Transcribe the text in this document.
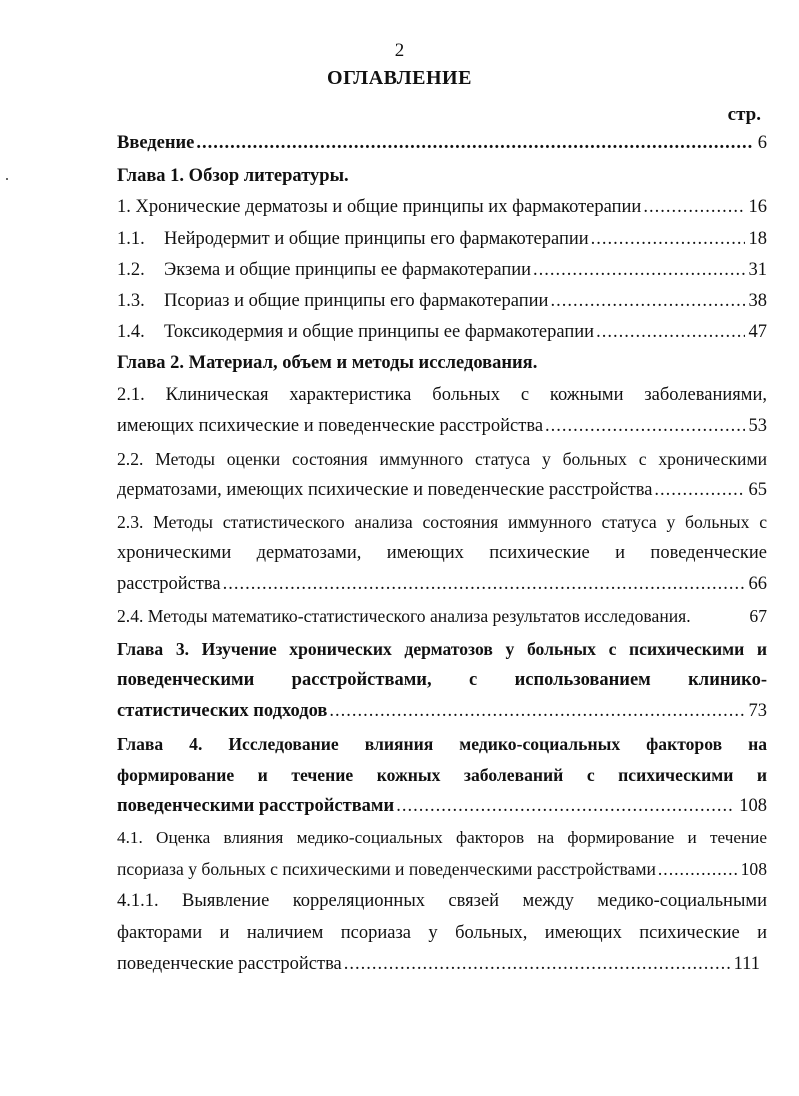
2
ОГЛАВЛЕНИЕ
стр.
Введение .....	6
Глава 1. Обзор литературы.
1. Хронические дерматозы и общие принципы их фармакотерапии .....	16
1.1. Нейродермит и общие принципы его фармакотерапии .....	18
1.2. Экзема и общие принципы ее фармакотерапии .....	31
1.3. Псориаз и общие принципы его фармакотерапии .....	38
1.4. Токсикодермия и общие принципы ее фармакотерапии .....	47
Глава 2. Материал, объем и методы исследования.
2.1. Клиническая характеристика больных с кожными заболеваниями,
имеющих психические и поведенческие расстройства .....	53
2.2. Методы оценки состояния иммунного статуса у больных с хроническими
дерматозами, имеющих психические и поведенческие расстройства .....	65
2.3. Методы статистического анализа состояния иммунного статуса у больных с
хроническими дерматозами, имеющих психические и поведенческие
расстройства .....	66
2.4. Методы математико-статистического анализа результатов исследования.	67
Глава 3. Изучение хронических дерматозов у больных с психическими и
поведенческими расстройствами, с использованием клинико-
статистических подходов .....	73
Глава 4. Исследование влияния медико-социальных факторов на
формирование и течение кожных заболеваний с психическими и
поведенческими расстройствами .....	108
4.1. Оценка влияния медико-социальных факторов на формирование и течение
псориаза у больных с психическими и поведенческими расстройствами .....	108
4.1.1. Выявление корреляционных связей между медико-социальными
факторами и наличием псориаза у больных, имеющих психические и
поведенческие расстройства .....	111
